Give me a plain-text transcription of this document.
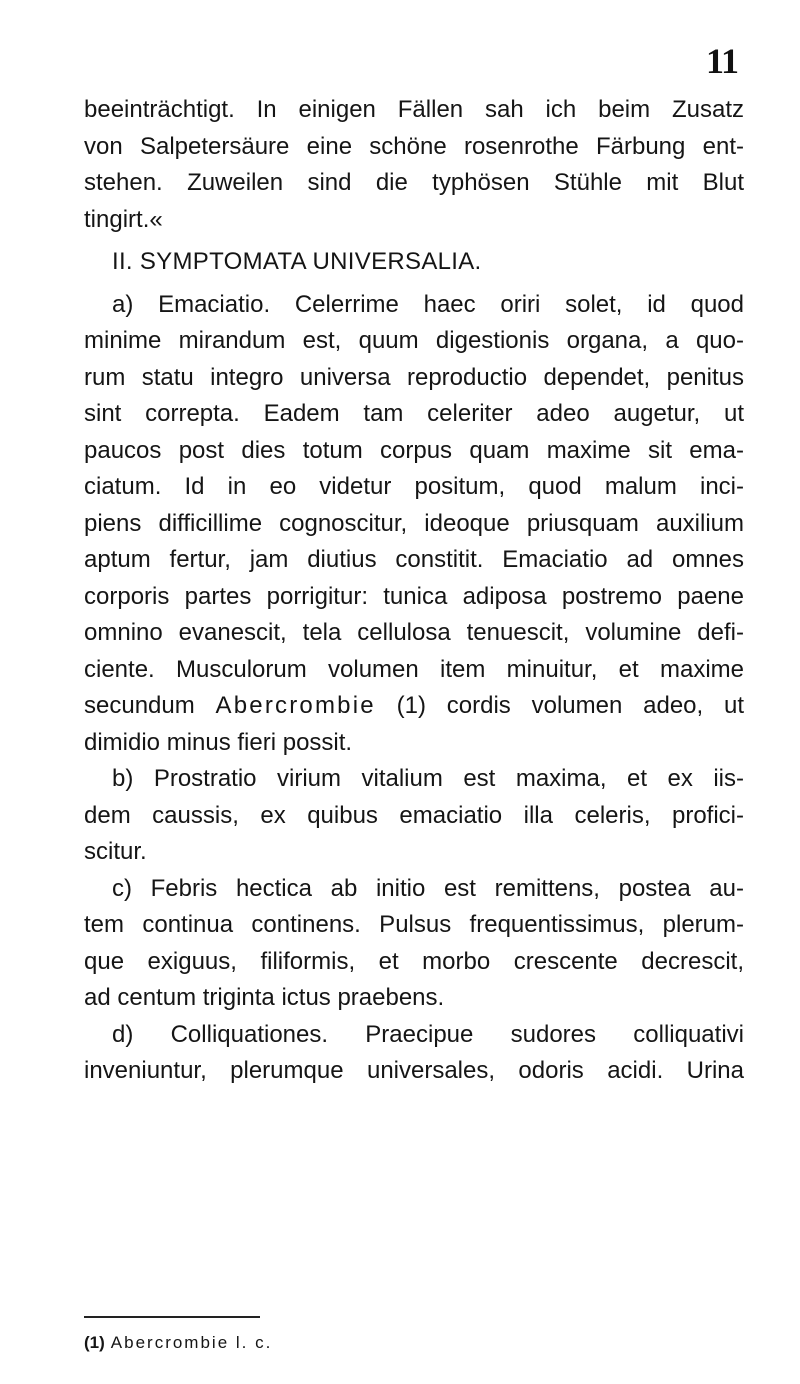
11
beeinträchtigt. In einigen Fällen sah ich beim Zusatz
von Salpetersäure eine schöne rosenrothe Färbung ent-
stehen. Zuweilen sind die typhösen Stühle mit Blut
tingirt.«
II. SYMPTOMATA UNIVERSALIA.
a) Emaciatio. Celerrime haec oriri solet, id quod
minime mirandum est, quum digestionis organa, a quo-
rum statu integro universa reproductio dependet, penitus
sint correpta. Eadem tam celeriter adeo augetur, ut
paucos post dies totum corpus quam maxime sit ema-
ciatum. Id in eo videtur positum, quod malum inci-
piens difficillime cognoscitur, ideoque priusquam auxilium
aptum fertur, jam diutius constitit. Emaciatio ad omnes
corporis partes porrigitur: tunica adiposa postremo paene
omnino evanescit, tela cellulosa tenuescit, volumine defi-
ciente. Musculorum volumen item minuitur, et maxime
secundum Abercrombie (1) cordis volumen adeo, ut
dimidio minus fieri possit.
b) Prostratio virium vitalium est maxima, et ex iis-
dem caussis, ex quibus emaciatio illa celeris, profici-
scitur.
c) Febris hectica ab initio est remittens, postea au-
tem continua continens. Pulsus frequentissimus, plerum-
que exiguus, filiformis, et morbo crescente decrescit,
ad centum triginta ictus praebens.
d) Colliquationes. Praecipue sudores colliquativi
inveniuntur, plerumque universales, odoris acidi. Urina
(1) Abercrombie l. c.
